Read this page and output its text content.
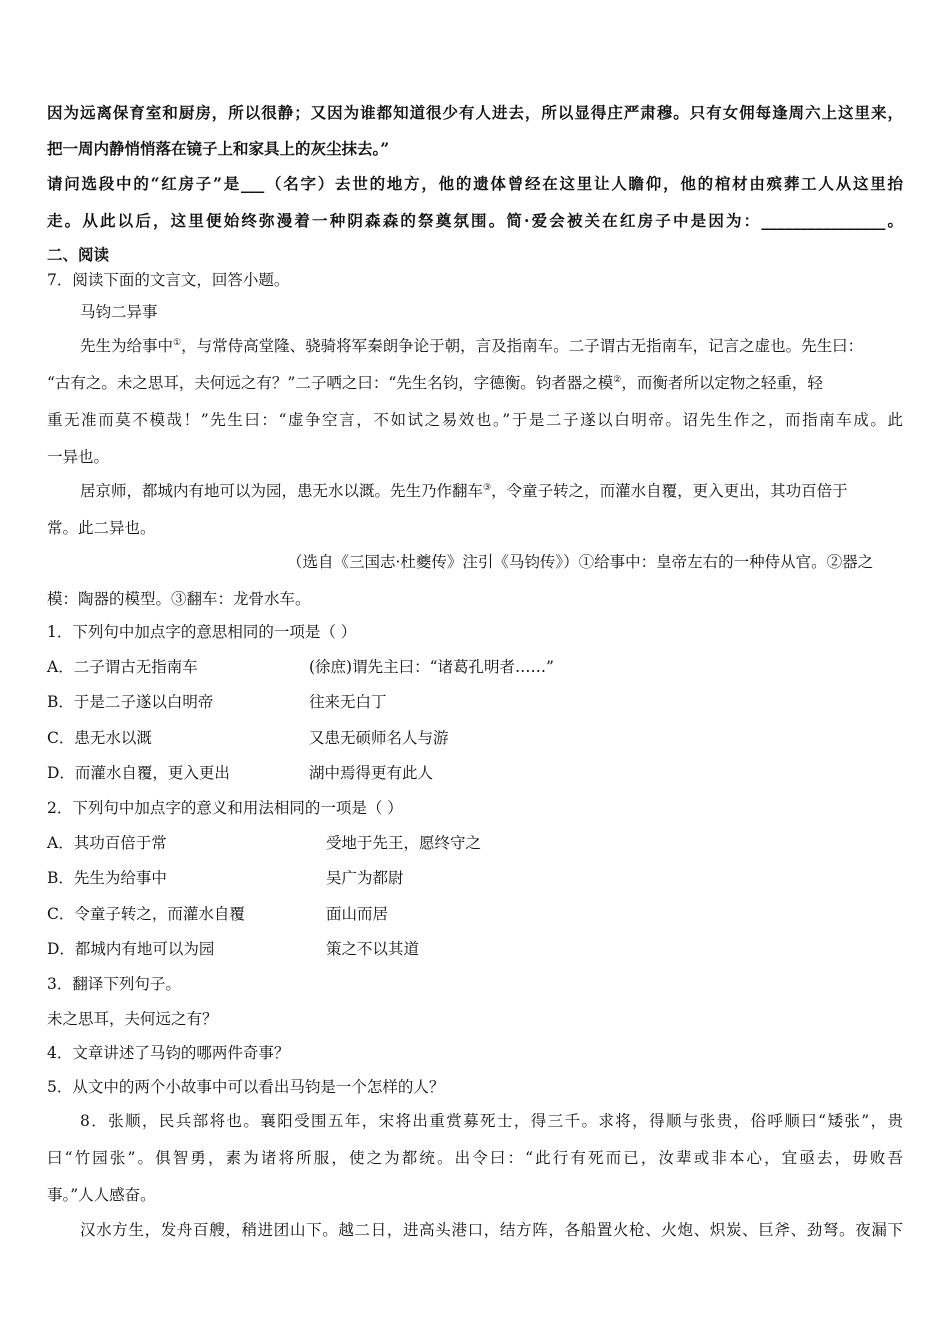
因为远离保育室和厨房，所以很静；又因为谁都知道很少有人进去，所以显得庄严肃穆。只有女佣每逢周六上这里来，
把一周内静悄悄落在镜子上和家具上的灰尘抹去。”
请问选段中的“红房子”是___（名字）去世的地方，他的遗体曾经在这里让人瞻仰，他的棺材由殡葬工人从这里抬
走。从此以后，这里便始终弥漫着一种阴森森的祭奠氛围。简·爱会被关在红房子中是因为：________________。
二、阅读
7．阅读下面的文言文，回答小题。
马钧二异事
先生为给事中①，与常侍高堂隆、骁骑将军秦朗争论于朝，言及指南车。二子谓古无指南车，记言之虚也。先生曰：
“古有之。未之思耳，夫何远之有？”二子哂之曰：“先生名钧，字德衡。钧者器之模②，而衡者所以定物之轻重，轻
重无准而莫不模哉！”先生曰：“虚争空言，不如试之易效也。”于是二子遂以白明帝。诏先生作之，而指南车成。此
一异也。
居京师，都城内有地可以为园，患无水以溉。先生乃作翻车③，令童子转之，而灌水自覆，更入更出，其功百倍于
常。此二异也。
（选自《三国志·杜夔传》注引《马钧传》）①给事中：皇帝左右的一种侍从官。②器之
模：陶器的模型。③翻车：龙骨水车。
1．下列句中加点字的意思相同的一项是（ ）
A．二子谓古无指南车	(徐庶)谓先主曰：“诸葛孔明者……”
B．于是二子遂以白明帝	往来无白丁
C．患无水以溉	又患无硕师名人与游
D．而灌水自覆，更入更出	湖中焉得更有此人
2．下列句中加点字的意义和用法相同的一项是（ ）
A．其功百倍于常	受地于先王，愿终守之
B．先生为给事中	吴广为都尉
C．令童子转之，而灌水自覆	面山而居
D．都城内有地可以为园	策之不以其道
3．翻译下列句子。
未之思耳，夫何远之有？
4．文章讲述了马钧的哪两件奇事？
5．从文中的两个小故事中可以看出马钧是一个怎样的人？
8．张顺，民兵部将也。襄阳受围五年，宋将出重赏募死士，得三千。求将，得顺与张贵，俗呼顺曰“矮张”，贵
曰“竹园张”。俱智勇，素为诸将所服，使之为都统。出令曰：“此行有死而已，汝辈或非本心，宜亟去，毋败吾
事。”人人感奋。
汉水方生，发舟百艘，稍进团山下。越二日，进高头港口，结方阵，各船置火枪、火炮、炽炭、巨斧、劲弩。夜漏下
